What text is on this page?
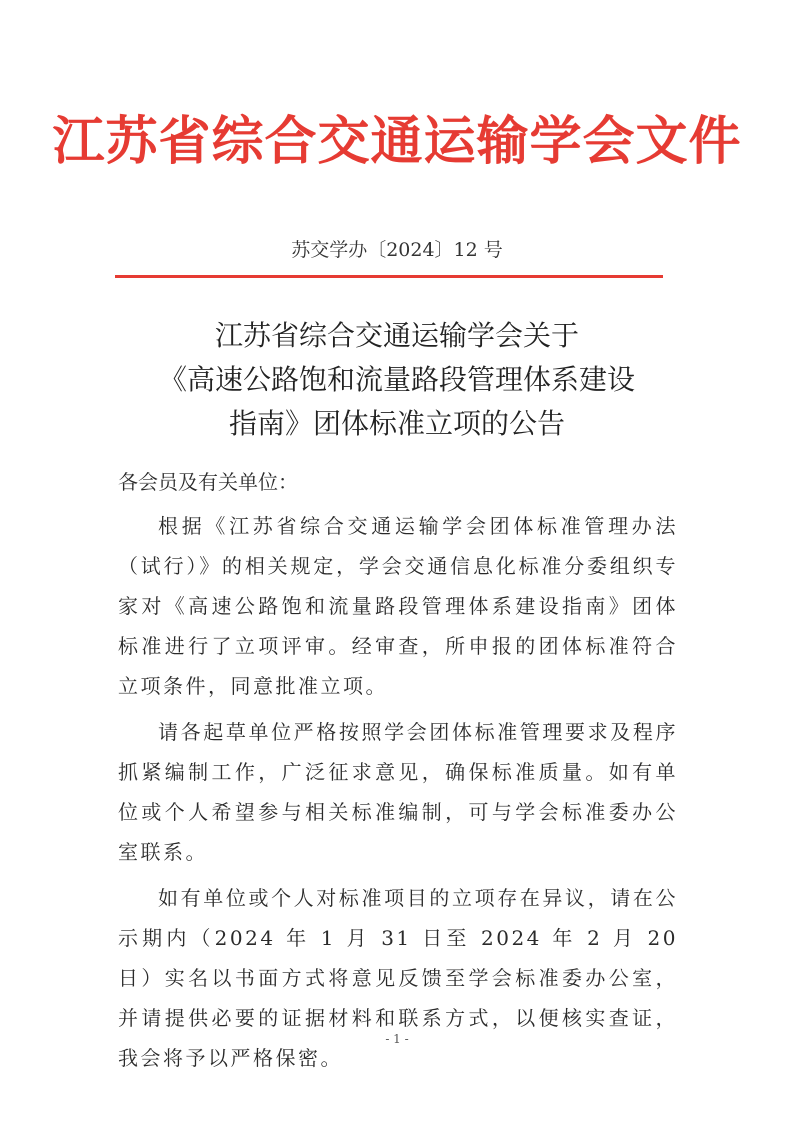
江苏省综合交通运输学会文件
苏交学办〔2024〕12 号
江苏省综合交通运输学会关于
《高速公路饱和流量路段管理体系建设
指南》团体标准立项的公告

各会员及有关单位：

根据《江苏省综合交通运输学会团体标准管理办法（试行）》的相关规定，学会交通信息化标准分委组织专家对《高速公路饱和流量路段管理体系建设指南》团体标准进行了立项评审。经审查，所申报的团体标准符合立项条件，同意批准立项。

请各起草单位严格按照学会团体标准管理要求及程序抓紧编制工作，广泛征求意见，确保标准质量。如有单位或个人希望参与相关标准编制，可与学会标准委办公室联系。

如有单位或个人对标准项目的立项存在异议，请在公示期内（2024 年 1 月 31 日至 2024 年 2 月 20 日）实名以书面方式将意见反馈至学会标准委办公室，并请提供必要的证据材料和联系方式，以便核实查证，我会将予以严格保密。

- 1 -
